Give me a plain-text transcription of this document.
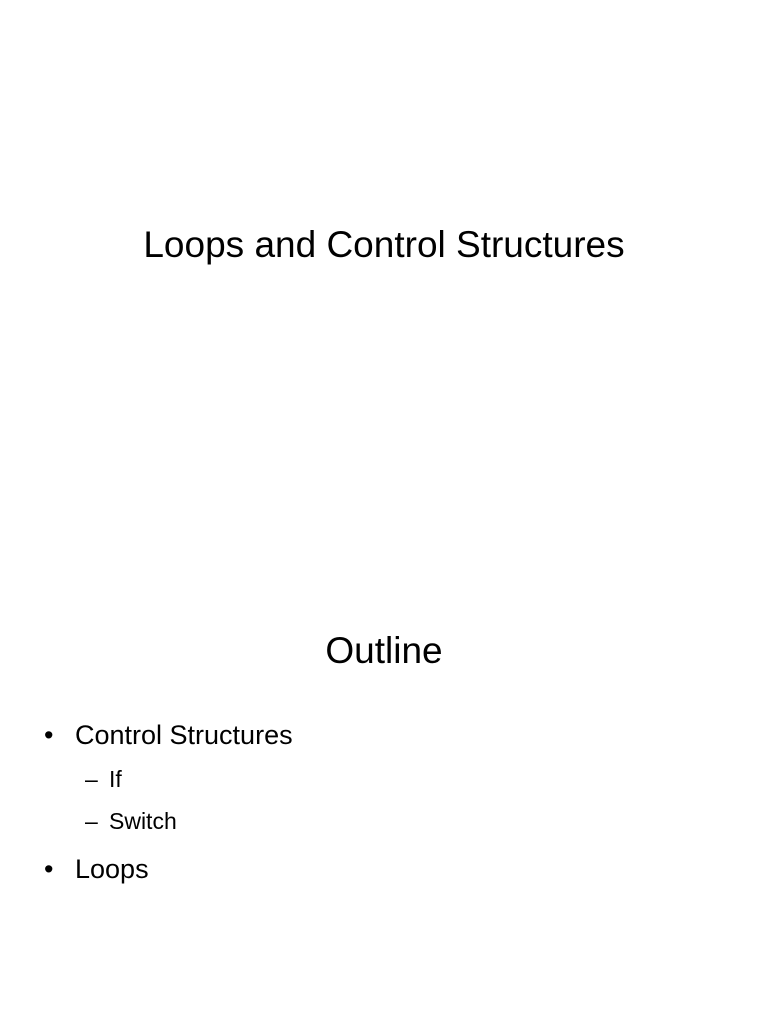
Loops and Control Structures
Outline
• Control Structures
– If
– Switch
• Loops
